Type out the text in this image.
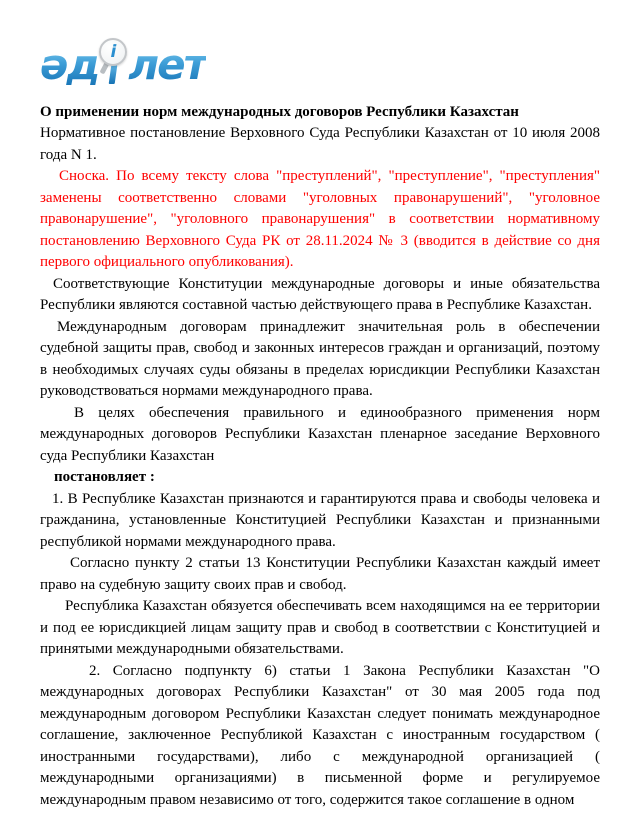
әд і лет
О применении норм международных договоров Республики Казахстан

Нормативное постановление Верховного Суда Республики Казахстан от 10 июля 2008 года N 1.

Сноска. По всему тексту слова "преступлений", "преступление", "преступления" заменены соответственно словами "уголовных правонарушений", "уголовное правонарушение", "уголовного правонарушения" в соответствии нормативному постановлению Верховного Суда РК от 28.11.2024 № 3 (вводится в действие со дня первого официального опубликования).

Соответствующие Конституции международные договоры и иные обязательства Республики являются составной частью действующего права в Республике Казахстан.

Международным договорам принадлежит значительная роль в обеспечении судебной защиты прав, свобод и законных интересов граждан и организаций, поэтому в необходимых случаях суды обязаны в пределах юрисдикции Республики Казахстан руководствоваться нормами международного права.

В целях обеспечения правильного и единообразного применения норм международных договоров Республики Казахстан пленарное заседание Верховного суда Республики Казахстан

постановляет :

1. В Республике Казахстан признаются и гарантируются права и свободы человека и гражданина, установленные Конституцией Республики Казахстан и признанными республикой нормами международного права.

Согласно пункту 2 статьи 13 Конституции Республики Казахстан каждый имеет право на судебную защиту своих прав и свобод.

Республика Казахстан обязуется обеспечивать всем находящимся на ее территории и под ее юрисдикцией лицам защиту прав и свобод в соответствии с Конституцией и принятыми международными обязательствами.

2. Согласно подпункту 6) статьи 1 Закона Республики Казахстан "О международных договорах Республики Казахстан" от 30 мая 2005 года под международным договором Республики Казахстан следует понимать международное соглашение, заключенное Республикой Казахстан с иностранным государством ( иностранными государствами), либо с международной организацией ( международными организациями) в письменной форме и регулируемое международным правом независимо от того, содержится такое соглашение в одном
